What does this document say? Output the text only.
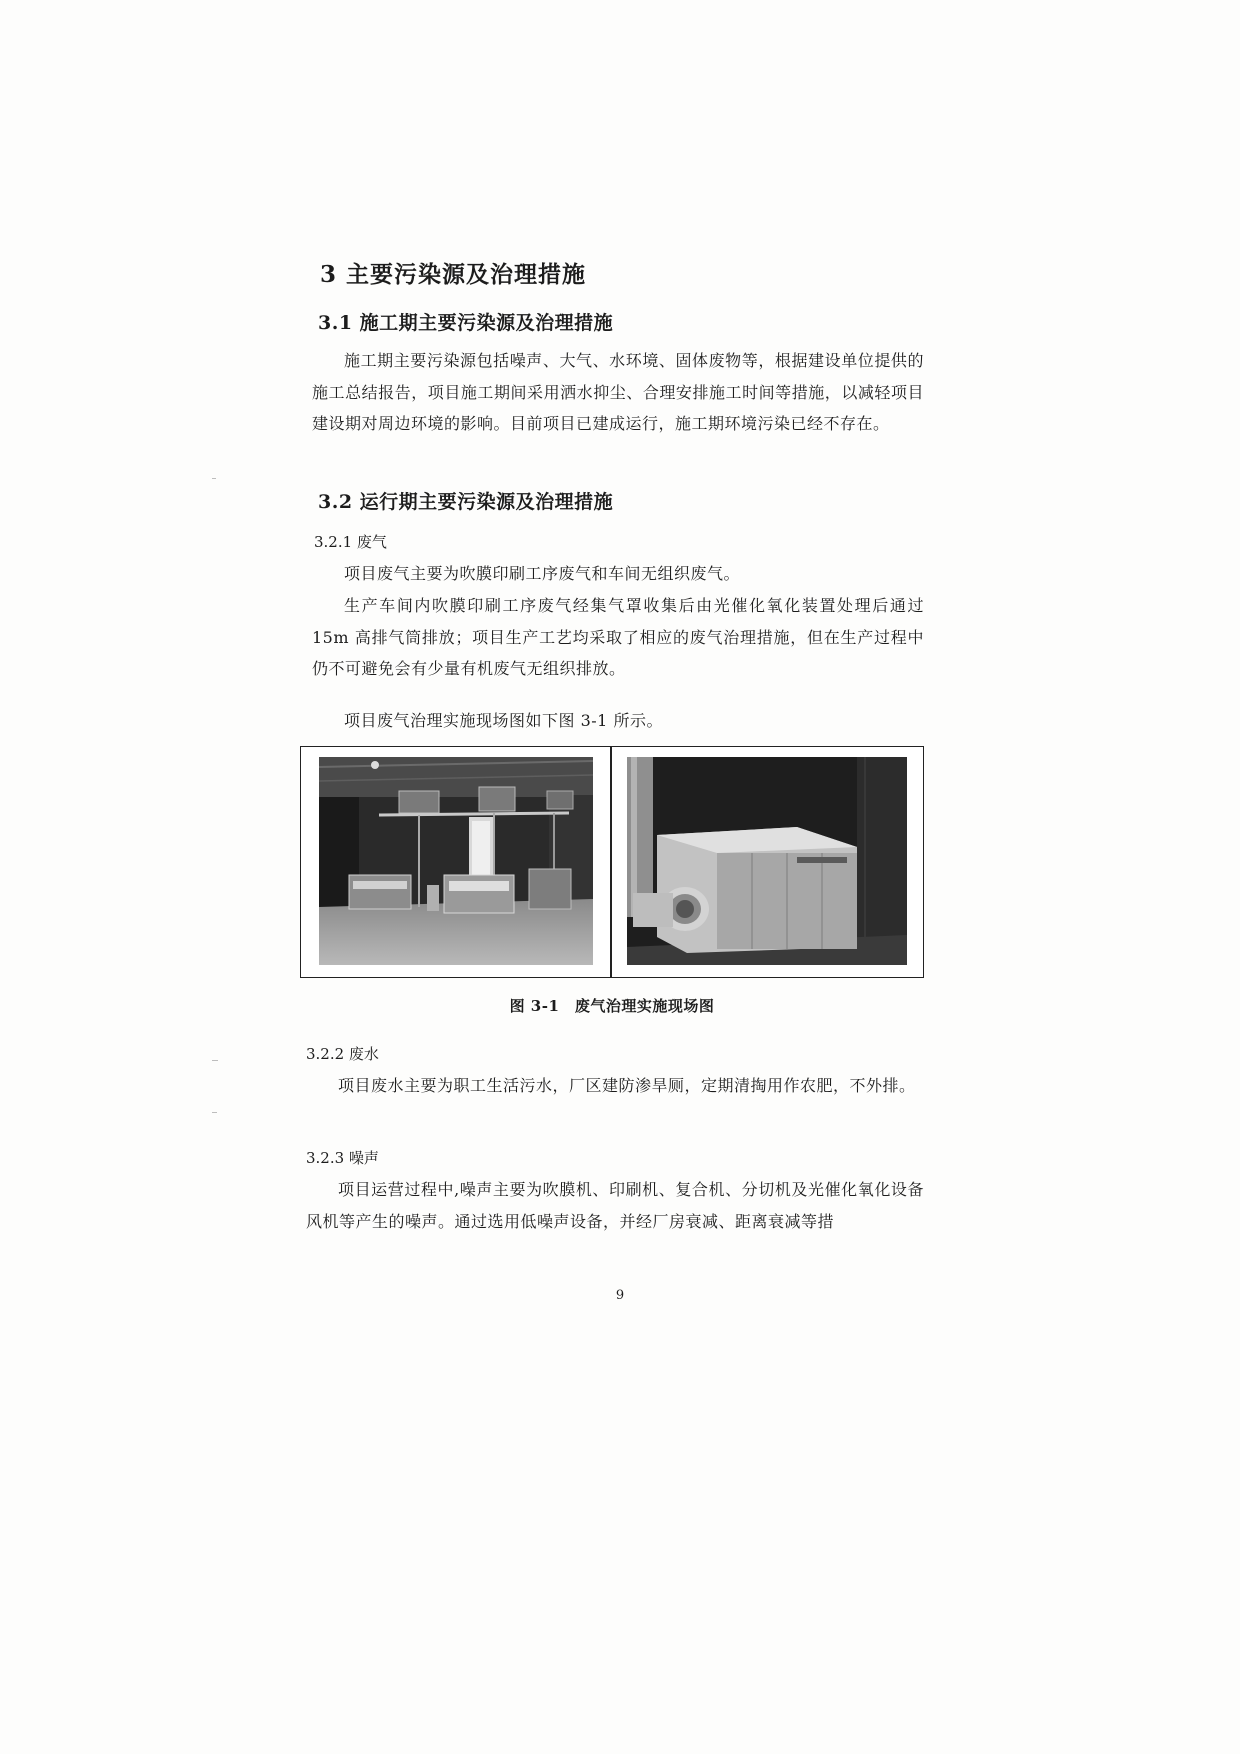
3 主要污染源及治理措施
3.1 施工期主要污染源及治理措施
施工期主要污染源包括噪声、大气、水环境、固体废物等，根据建设单位提供的施工总结报告，项目施工期间采用洒水抑尘、合理安排施工时间等措施，以减轻项目建设期对周边环境的影响。目前项目已建成运行，施工期环境污染已经不存在。
3.2 运行期主要污染源及治理措施
3.2.1 废气
项目废气主要为吹膜印刷工序废气和车间无组织废气。
生产车间内吹膜印刷工序废气经集气罩收集后由光催化氧化装置处理后通过 15m 高排气筒排放；项目生产工艺均采取了相应的废气治理措施，但在生产过程中仍不可避免会有少量有机废气无组织排放。
项目废气治理实施现场图如下图 3-1 所示。
图 3-1　废气治理实施现场图
3.2.2 废水
项目废水主要为职工生活污水，厂区建防渗旱厕，定期清掏用作农肥，不外排。
3.2.3 噪声
项目运营过程中,噪声主要为吹膜机、印刷机、复合机、分切机及光催化氧化设备风机等产生的噪声。通过选用低噪声设备，并经厂房衰减、距离衰减等措
9
